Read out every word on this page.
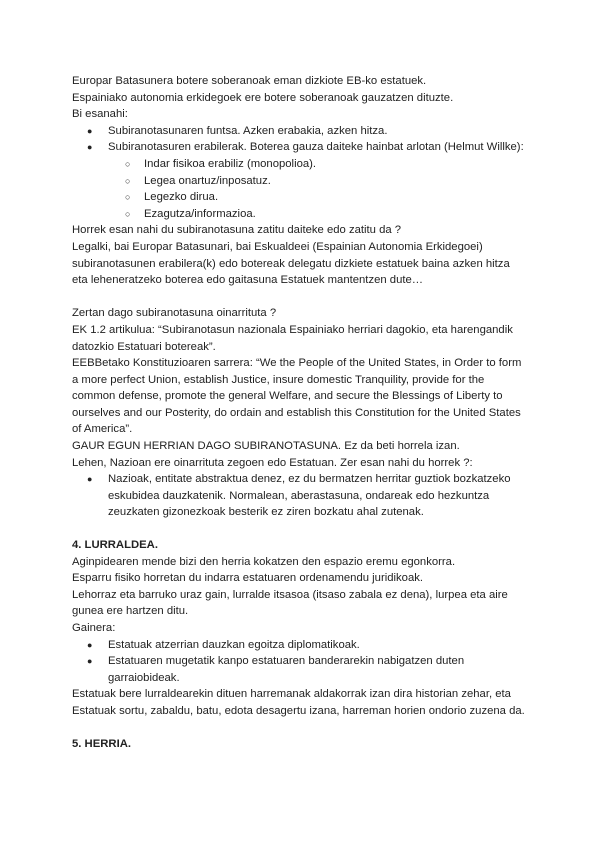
Europar Batasunera botere soberanoak eman dizkiote EB-ko estatuek.

Espainiako autonomia erkidegoek ere botere soberanoak gauzatzen dituzte.

Bi esanahi:

● Subiranotasunaren funtsa. Azken erabakia, azken hitza.
● Subiranotasuren erabilerak. Boterea gauza daiteke hainbat arlotan (Helmut Willke):
○ Indar fisikoa erabiliz (monopolioa).
○ Legea onartuz/inposatuz.
○ Legezko dirua.
○ Ezagutza/informazioa.

Horrek esan nahi du subiranotasuna zatitu daiteke edo zatitu da ?

Legalki, bai Europar Batasunari, bai Eskualdeei (Espainian Autonomia Erkidegoei) subiranotasunen erabilera(k) edo botereak delegatu dizkiete estatuek baina azken hitza eta leheneratzeko boterea edo gaitasuna Estatuek mantentzen dute…

Zertan dago subiranotasuna oinarrituta ?

EK 1.2 artikulua: “Subiranotasun nazionala Espainiako herriari dagokio, eta harengandik datozkio Estatuari botereak”.

EEBBetako Konstituzioaren sarrera: “We the People of the United States, in Order to form a more perfect Union, establish Justice, insure domestic Tranquility, provide for the common defense, promote the general Welfare, and secure the Blessings of Liberty to ourselves and our Posterity, do ordain and establish this Constitution for the United States of America”.

GAUR EGUN HERRIAN DAGO SUBIRANOTASUNA. Ez da beti horrela izan.

Lehen, Nazioan ere oinarrituta zegoen edo Estatuan. Zer esan nahi du horrek ?:

● Nazioak, entitate abstraktua denez, ez du bermatzen herritar guztiok bozkatzeko eskubidea dauzkatenik. Normalean, aberastasuna, ondareak edo hezkuntza zeuzkaten gizonezkoak besterik ez ziren bozkatu ahal zutenak.

4. LURRALDEA.

Aginpidearen mende bizi den herria kokatzen den espazio eremu egonkorra.

Esparru fisiko horretan du indarra estatuaren ordenamendu juridikoak.

Lehorraz eta barruko uraz gain, lurralde itsasoa (itsaso zabala ez dena), lurpea eta aire gunea ere hartzen ditu.

Gainera:

● Estatuak atzerrian dauzkan egoitza diplomatikoak.
● Estatuaren mugetatik kanpo estatuaren banderarekin nabigatzen duten garraiobideak.

Estatuak bere lurraldearekin dituen harremanak aldakorrak izan dira historian zehar, eta Estatuak sortu, zabaldu, batu, edota desagertu izana, harreman horien ondorio zuzena da.

5. HERRIA.
